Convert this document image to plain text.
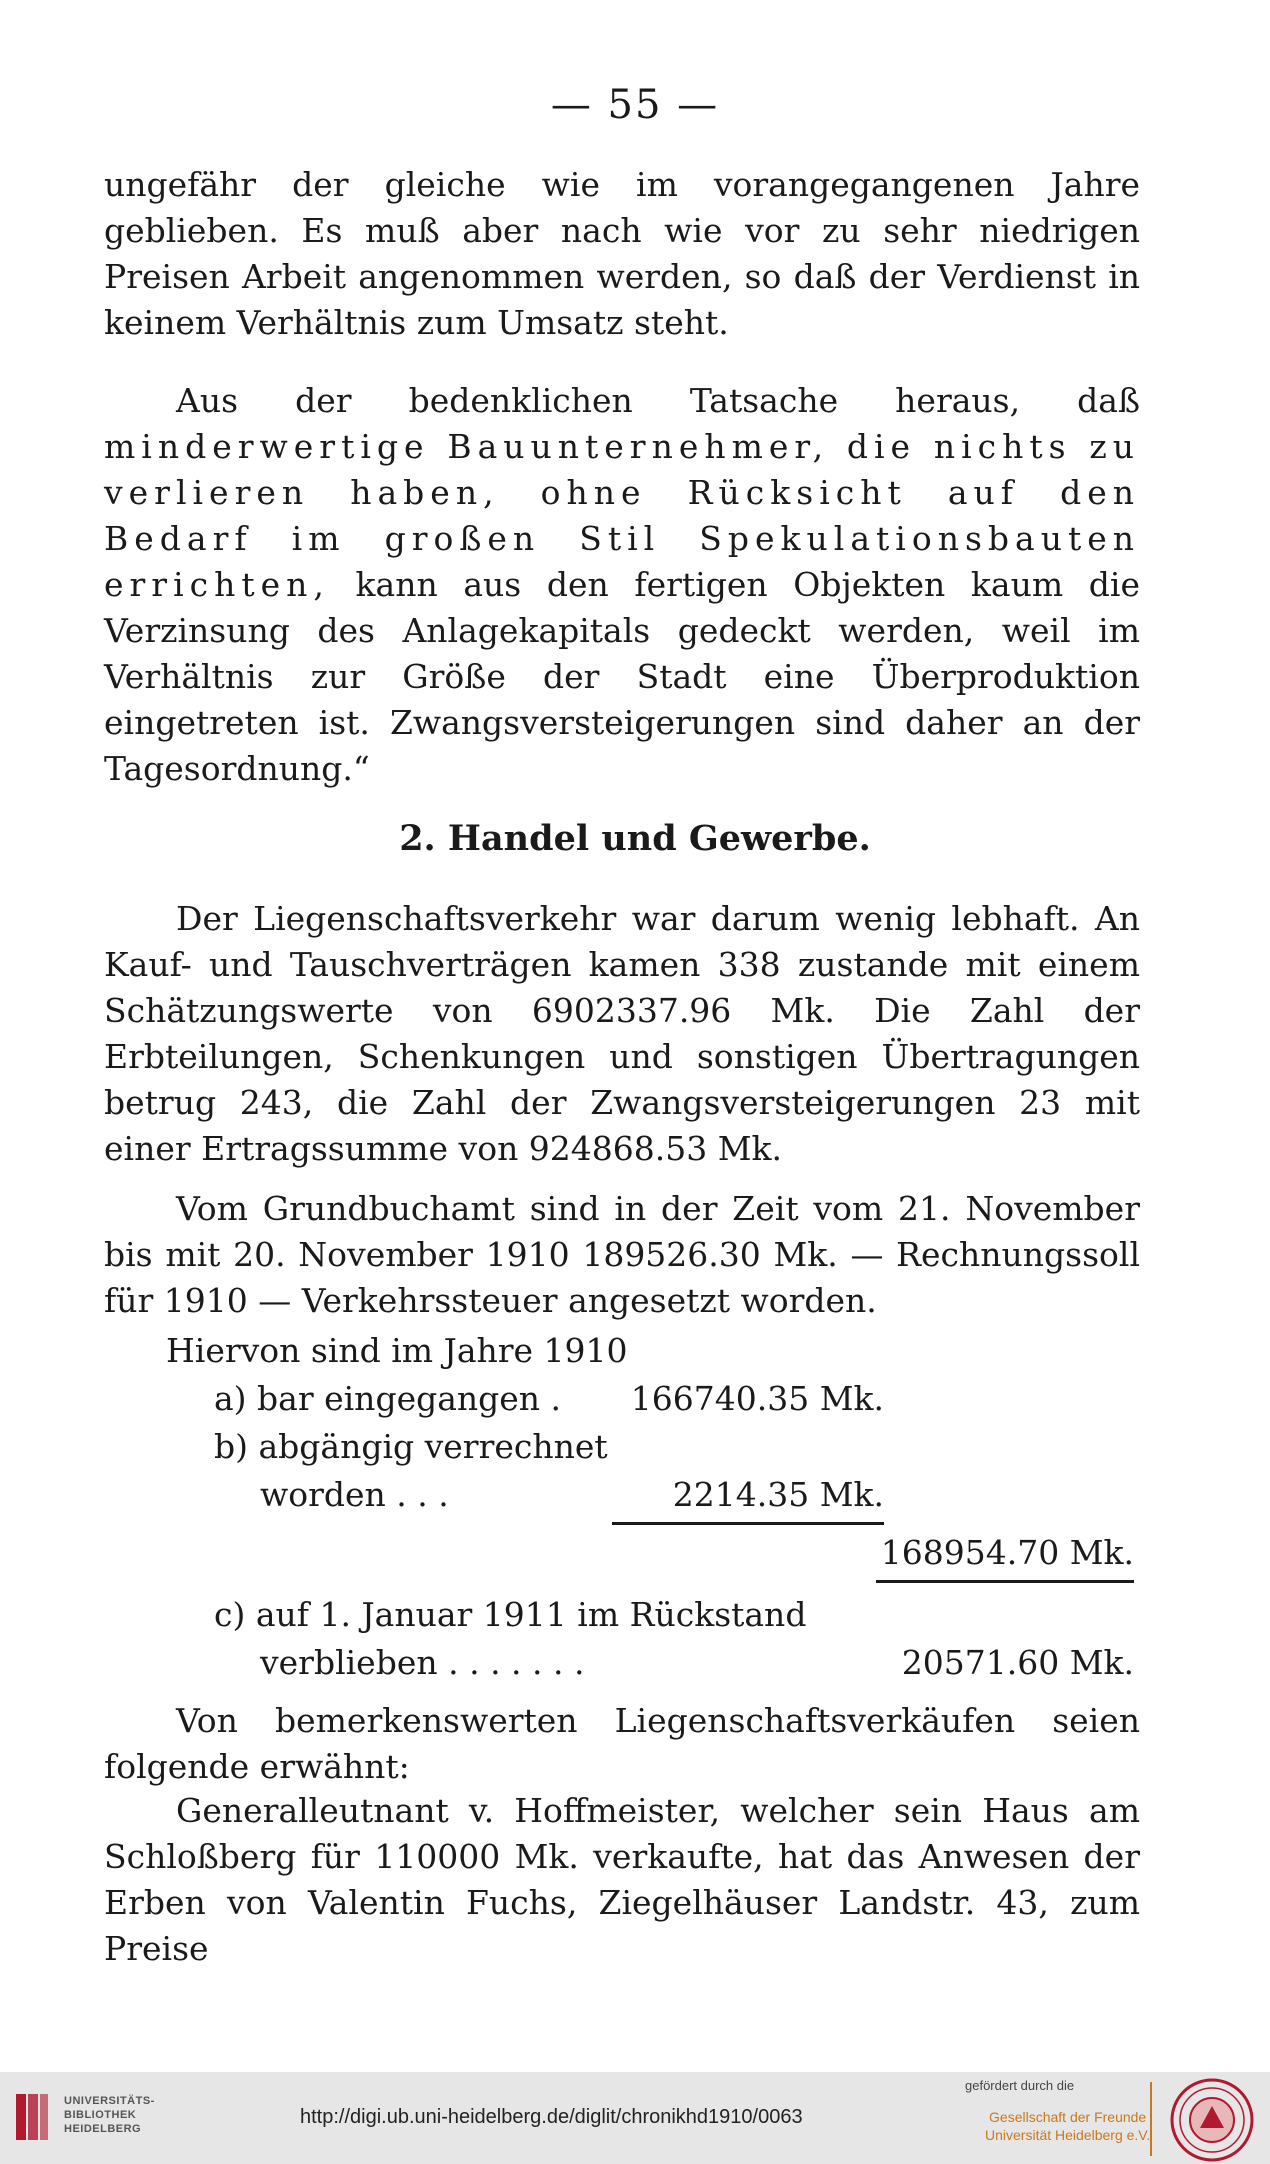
— 55 —
ungefähr der gleiche wie im vorangegangenen Jahre geblieben. Es muß aber nach wie vor zu sehr niedrigen Preisen Arbeit angenommen werden, so daß der Verdienst in keinem Verhältnis zum Umsatz steht.
Aus der bedenklichen Tatsache heraus, daß minderwertige Bauunternehmer, die nichts zu verlieren haben, ohne Rücksicht auf den Bedarf im großen Stil Spekulationsbauten errichten, kann aus den fertigen Objekten kaum die Verzinsung des Anlagekapitals gedeckt werden, weil im Verhältnis zur Größe der Stadt eine Überproduktion eingetreten ist. Zwangsversteigerungen sind daher an der Tagesordnung.“
2. Handel und Gewerbe.
Der Liegenschaftsverkehr war darum wenig lebhaft. An Kauf- und Tauschverträgen kamen 338 zustande mit einem Schätzungswerte von 6902337.96 Mk. Die Zahl der Erbteilungen, Schenkungen und sonstigen Übertragungen betrug 243, die Zahl der Zwangsversteigerungen 23 mit einer Ertragssumme von 924868.53 Mk.
Vom Grundbuchamt sind in der Zeit vom 21. November bis mit 20. November 1910 189526.30 Mk. — Rechnungssoll für 1910 — Verkehrssteuer angesetzt worden.
Hiervon sind im Jahre 1910
a) bar eingegangen .	166740.35 Mk.
b) abgängig verrechnet
worden . . .	2214.35 Mk.
168954.70 Mk.
c) auf 1. Januar 1911 im Rückstand
verblieben . . . . . . .	20571.60 Mk.
Von bemerkenswerten Liegenschaftsverkäufen seien folgende erwähnt:
Generalleutnant v. Hoffmeister, welcher sein Haus am Schloßberg für 110000 Mk. verkaufte, hat das Anwesen der Erben von Valentin Fuchs, Ziegelhäuser Landstr. 43, zum Preise
UNIVERSITÄTS-
BIBLIOTHEK
HEIDELBERG
http://digi.ub.uni-heidelberg.de/diglit/chronikhd1910/0063
gefördert durch die
Gesellschaft der Freunde
Universität Heidelberg e.V.
